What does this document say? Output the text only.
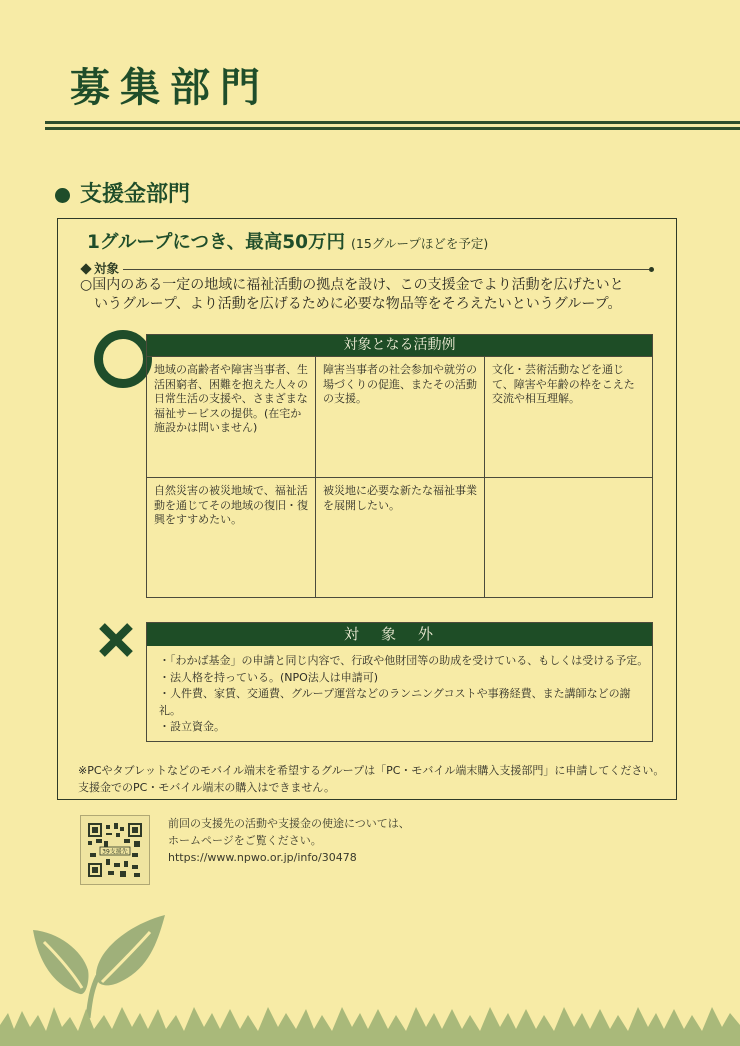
募集部門
支援金部門
1グループにつき、最高50万円 (15グループほどを予定)
対象
○国内のある一定の地域に福祉活動の拠点を設け、この支援金でより活動を広げたいと
いうグループ、より活動を広げるために必要な物品等をそろえたいというグループ。
対象となる活動例
地域の高齢者や障害当事者、生活困窮者、困難を抱えた人々の日常生活の支援や、さまざまな福祉サービスの提供。(在宅か施設かは問いません)
障害当事者の社会参加や就労の場づくりの促進、またその活動の支援。
文化・芸術活動などを通じて、障害や年齢の枠をこえた交流や相互理解。
自然災害の被災地域で、福祉活動を通じてその地域の復旧・復興をすすめたい。
被災地に必要な新たな福祉事業を展開したい。
対象外
・「わかば基金」の申請と同じ内容で、行政や他財団等の助成を受けている、もしくは受ける予定。
・法人格を持っている。(NPO法人は申請可)
・人件費、家賃、交通費、グループ運営などのランニングコストや事務経費、また講師などの謝礼。
・設立資金。
※PCやタブレットなどのモバイル端末を希望するグループは「PC・モバイル端末購入支援部門」に申請してください。
支援金でのPC・モバイル端末の購入はできません。
39支援先
前回の支援先の活動や支援金の使途については、
ホームページをご覧ください。
https://www.npwo.or.jp/info/30478
